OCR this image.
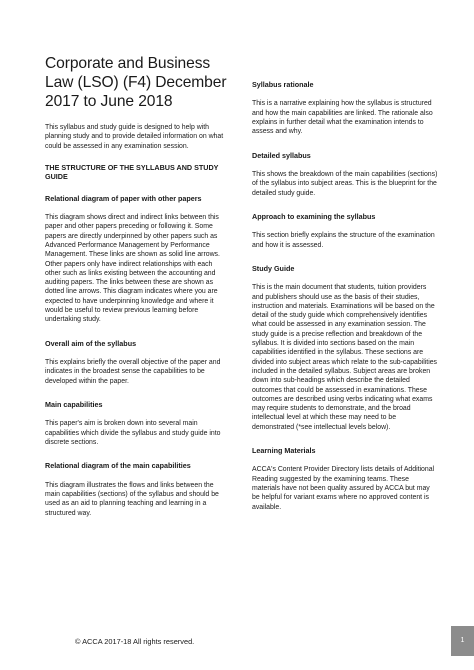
Corporate and Business Law (LSO) (F4) December 2017 to June 2018

This syllabus and study guide is designed to help with planning study and to provide detailed information on what could be assessed in any examination session.

THE STRUCTURE OF THE SYLLABUS AND STUDY GUIDE

Relational diagram of paper with other papers

This diagram shows direct and indirect links between this paper and other papers preceding or following it. Some papers are directly underpinned by other papers such as Advanced Performance Management by Performance Management. These links are shown as solid line arrows. Other papers only have indirect relationships with each other such as links existing between the accounting and auditing papers. The links between these are shown as dotted line arrows. This diagram indicates where you are expected to have underpinning knowledge and where it would be useful to review previous learning before undertaking study.

Overall aim of the syllabus

This explains briefly the overall objective of the paper and indicates in the broadest sense the capabilities to be developed within the paper.

Main capabilities

This paper's aim is broken down into several main capabilities which divide the syllabus and study guide into discrete sections.

Relational diagram of the main capabilities

This diagram illustrates the flows and links between the main capabilities (sections) of the syllabus and should be used as an aid to planning teaching and learning in a structured way.

Syllabus rationale

This is a narrative explaining how the syllabus is structured and how the main capabilities are linked. The rationale also explains in further detail what the examination intends to assess and why.

Detailed syllabus

This shows the breakdown of the main capabilities (sections) of the syllabus into subject areas. This is the blueprint for the detailed study guide.

Approach to examining the syllabus

This section briefly explains the structure of the examination and how it is assessed.

Study Guide

This is the main document that students, tuition providers and publishers should use as the basis of their studies, instruction and materials. Examinations will be based on the detail of the study guide which comprehensively identifies what could be assessed in any examination session. The study guide is a precise reflection and breakdown of the syllabus. It is divided into sections based on the main capabilities identified in the syllabus. These sections are divided into subject areas which relate to the sub-capabilities included in the detailed syllabus. Subject areas are broken down into sub-headings which describe the detailed outcomes that could be assessed in examinations. These outcomes are described using verbs indicating what exams may require students to demonstrate, and the broad intellectual level at which these may need to be demonstrated (*see intellectual levels below).

Learning Materials

ACCA's Content Provider Directory lists details of Additional Reading suggested by the examining teams. These materials have not been quality assured by ACCA but may be helpful for variant exams where no approved content is available.

© ACCA 2017-18 All rights reserved.	1
